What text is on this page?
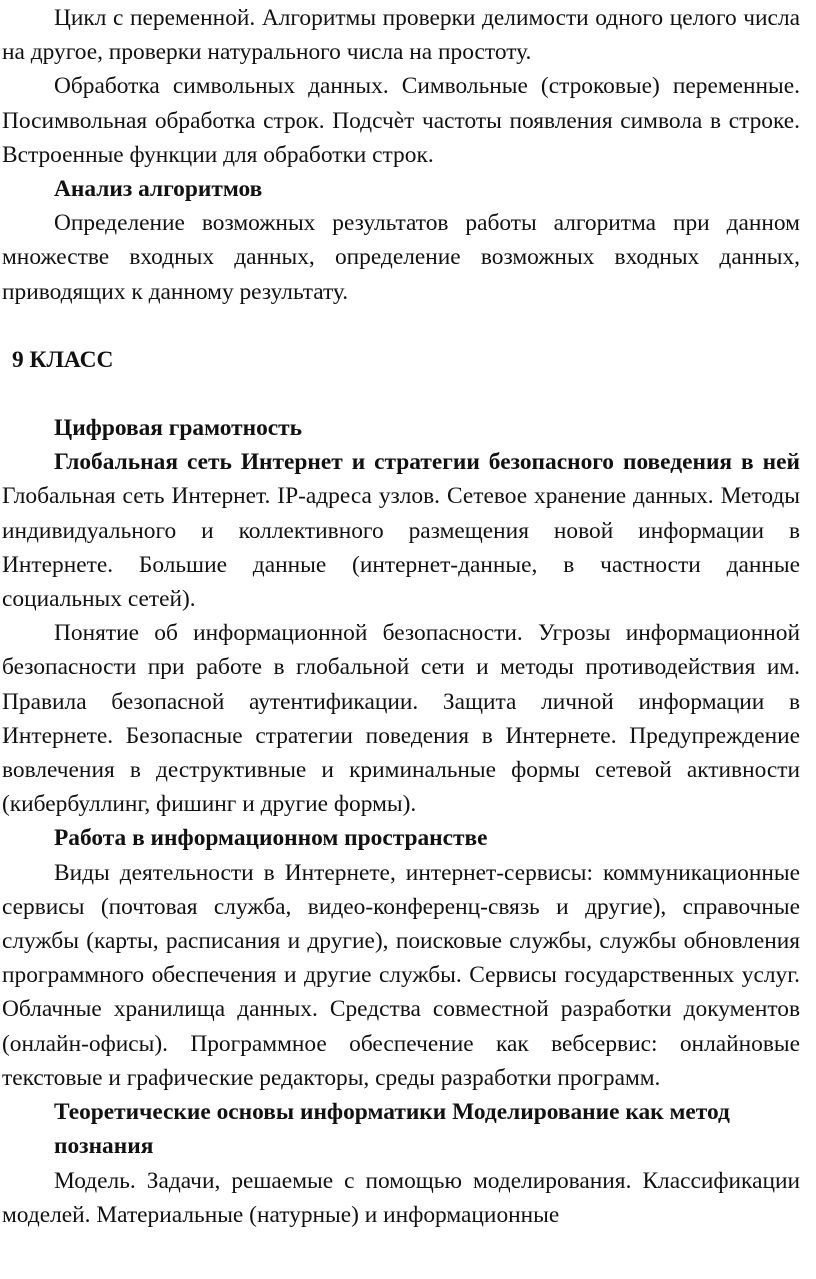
Цикл с переменной. Алгоритмы проверки делимости одного целого числа на другое, проверки натурального числа на простоту.

Обработка символьных данных. Символьные (строковые) переменные. Посимвольная обработка строк. Подсчѐт частоты появления символа в строке. Встроенные функции для обработки строк.

Анализ алгоритмов

Определение возможных результатов работы алгоритма при данном множестве входных данных, определение возможных входных данных, приводящих к данному результату.

9 КЛАСС

Цифровая грамотность

Глобальная сеть Интернет и стратегии безопасного поведения в ней Глобальная сеть Интернет. IP-адреса узлов. Сетевое хранение данных. Методы индивидуального и коллективного размещения новой информации в Интернете. Большие данные (интернет-данные, в частности данные социальных сетей).

Понятие об информационной безопасности. Угрозы информационной безопасности при работе в глобальной сети и методы противодействия им. Правила безопасной аутентификации. Защита личной информации в Интернете. Безопасные стратегии поведения в Интернете. Предупреждение вовлечения в деструктивные и криминальные формы сетевой активности (кибербуллинг, фишинг и другие формы).

Работа в информационном пространстве

Виды деятельности в Интернете, интернет-сервисы: коммуникационные сервисы (почтовая служба, видео-конференц-связь и другие), справочные службы (карты, расписания и другие), поисковые службы, службы обновления программного обеспечения и другие службы. Сервисы государственных услуг. Облачные хранилища данных. Средства совместной разработки документов (онлайн-офисы). Программное обеспечение как вебсервис: онлайновые текстовые и графические редакторы, среды разработки программ.

Теоретические основы информатики Моделирование как метод познания

Модель. Задачи, решаемые с помощью моделирования. Классификации моделей. Материальные (натурные) и информационные
